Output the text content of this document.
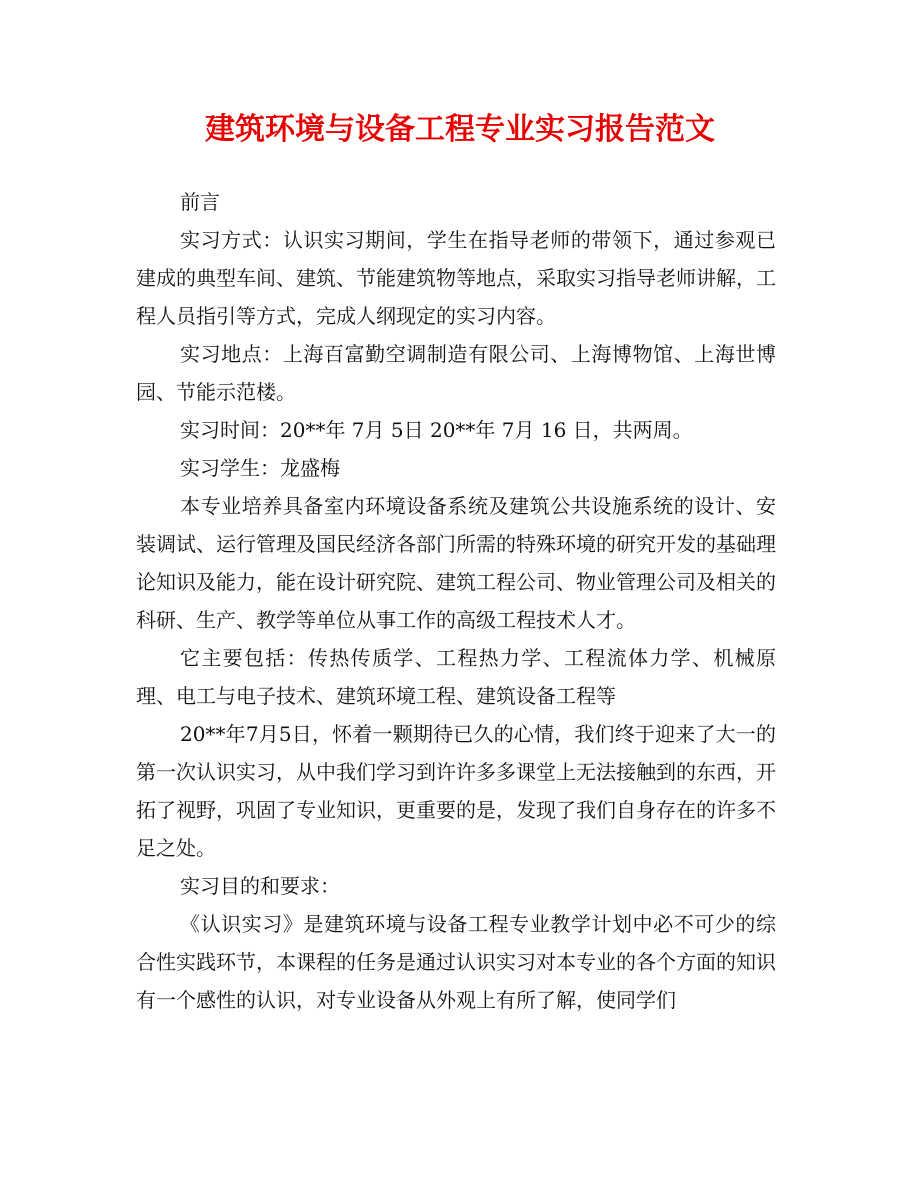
建筑环境与设备工程专业实习报告范文

前言

实习方式：认识实习期间，学生在指导老师的带领下，通过参观已建成的典型车间、建筑、节能建筑物等地点，采取实习指导老师讲解，工程人员指引等方式，完成人纲现定的实习内容。

实习地点：上海百富勤空调制造有限公司、上海博物馆、上海世博园、节能示范楼。

实习时间：20**年 7月 5日 20**年 7月 16 日，共两周。

实习学生：龙盛梅

本专业培养具备室内环境设备系统及建筑公共设施系统的设计、安装调试、运行管理及国民经济各部门所需的特殊环境的研究开发的基础理论知识及能力，能在设计研究院、建筑工程公司、物业管理公司及相关的科研、生产、教学等单位从事工作的高级工程技术人才。

它主要包括：传热传质学、工程热力学、工程流体力学、机械原理、电工与电子技术、建筑环境工程、建筑设备工程等

20**年7月5日，怀着一颗期待已久的心情，我们终于迎来了大一的第一次认识实习，从中我们学习到许许多多课堂上无法接触到的东西，开拓了视野，巩固了专业知识，更重要的是，发现了我们自身存在的许多不足之处。

实习目的和要求：

《认识实习》是建筑环境与设备工程专业教学计划中必不可少的综合性实践环节，本课程的任务是通过认识实习对本专业的各个方面的知识有一个感性的认识，对专业设备从外观上有所了解，使同学们
